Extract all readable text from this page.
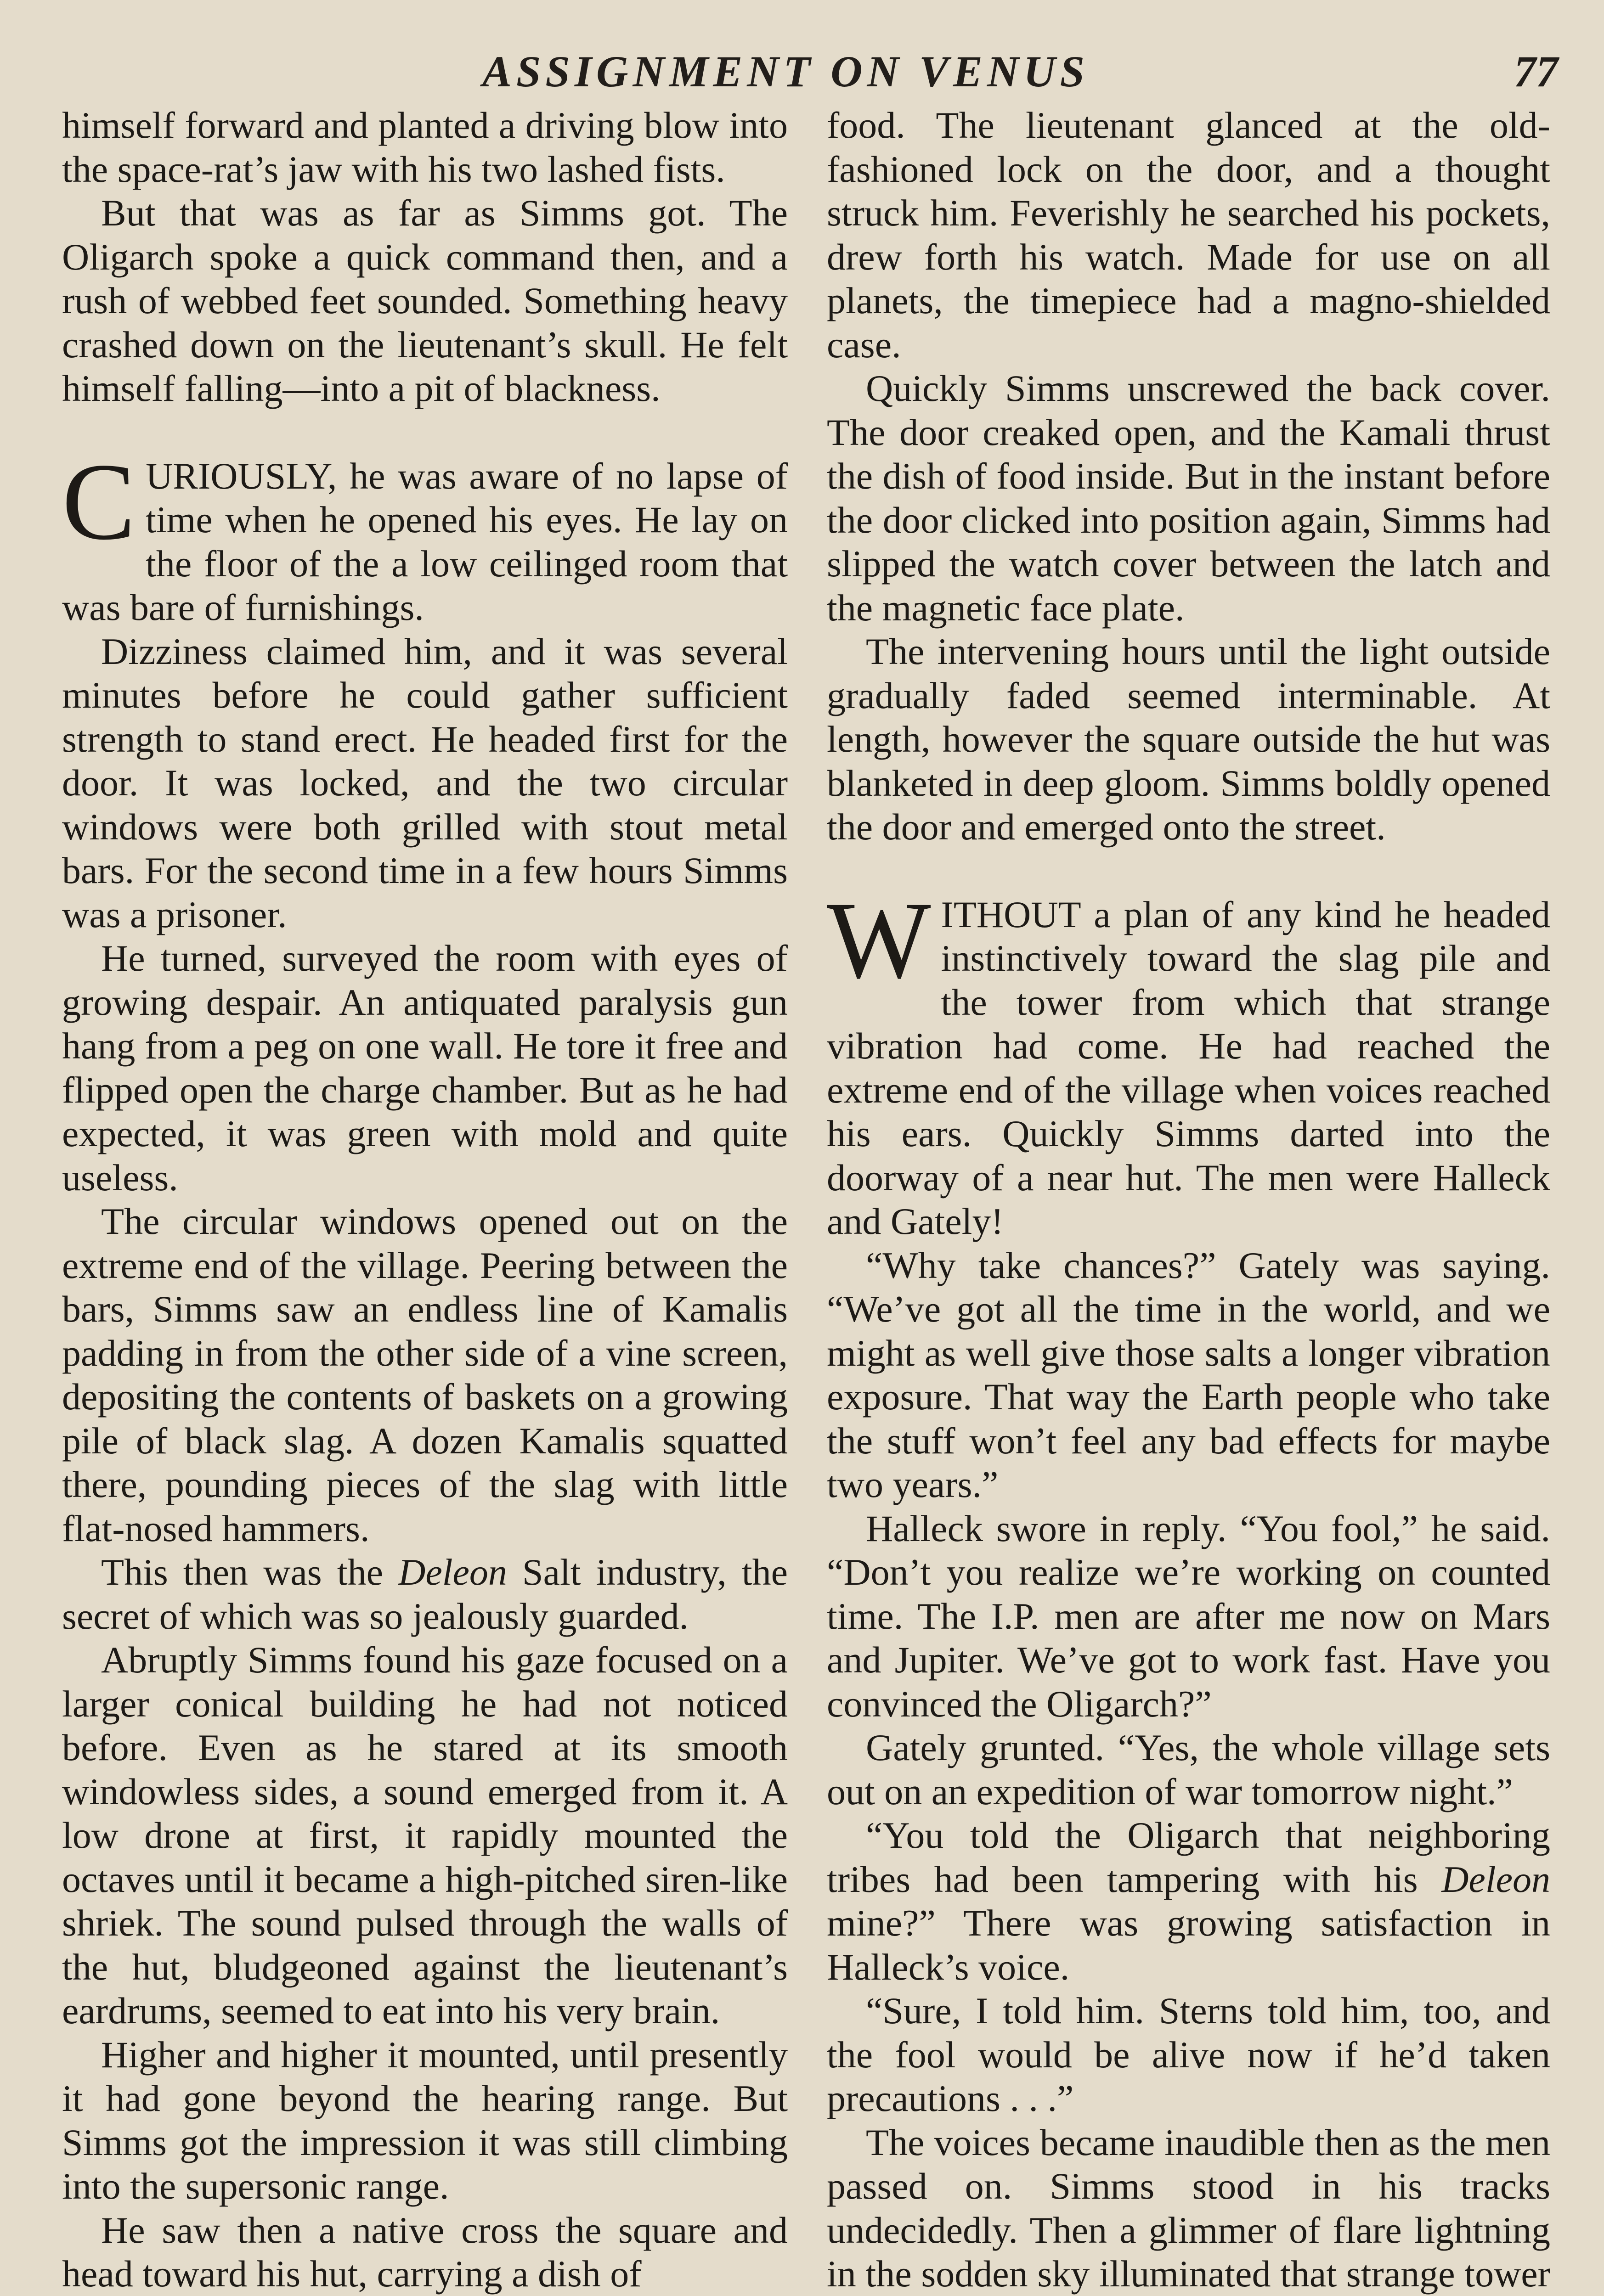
ASSIGNMENT ON VENUS	77

himself forward and planted a driving blow into the space-rat’s jaw with his two lashed fists.

But that was as far as Simms got. The Oligarch spoke a quick command then, and a rush of webbed feet sounded. Something heavy crashed down on the lieutenant’s skull. He felt himself falling—into a pit of blackness.

CURIOUSLY, he was aware of no lapse of time when he opened his eyes. He lay on the floor of the a low ceilinged room that was bare of furnishings.

Dizziness claimed him, and it was several minutes before he could gather sufficient strength to stand erect. He headed first for the door. It was locked, and the two circular windows were both grilled with stout metal bars. For the second time in a few hours Simms was a prisoner.

He turned, surveyed the room with eyes of growing despair. An antiquated paralysis gun hang from a peg on one wall. He tore it free and flipped open the charge chamber. But as he had expected, it was green with mold and quite useless.

The circular windows opened out on the extreme end of the village. Peering between the bars, Simms saw an endless line of Kamalis padding in from the other side of a vine screen, depositing the contents of baskets on a growing pile of black slag. A dozen Kamalis squatted there, pounding pieces of the slag with little flat-nosed hammers.

This then was the Deleon Salt industry, the secret of which was so jealously guarded.

Abruptly Simms found his gaze focused on a larger conical building he had not noticed before. Even as he stared at its smooth windowless sides, a sound emerged from it. A low drone at first, it rapidly mounted the octaves until it became a high-pitched siren-like shriek. The sound pulsed through the walls of the hut, bludgeoned against the lieutenant’s eardrums, seemed to eat into his very brain.

Higher and higher it mounted, until presently it had gone beyond the hearing range. But Simms got the impression it was still climbing into the supersonic range.

He saw then a native cross the square and head toward his hut, carrying a dish of

food. The lieutenant glanced at the old-fashioned lock on the door, and a thought struck him. Feverishly he searched his pockets, drew forth his watch. Made for use on all planets, the timepiece had a magno-shielded case.

Quickly Simms unscrewed the back cover. The door creaked open, and the Kamali thrust the dish of food inside. But in the instant before the door clicked into position again, Simms had slipped the watch cover between the latch and the magnetic face plate.

The intervening hours until the light outside gradually faded seemed interminable. At length, however the square outside the hut was blanketed in deep gloom. Simms boldly opened the door and emerged onto the street.

WITHOUT a plan of any kind he headed instinctively toward the slag pile and the tower from which that strange vibration had come. He had reached the extreme end of the village when voices reached his ears. Quickly Simms darted into the doorway of a near hut. The men were Halleck and Gately!

“Why take chances?” Gately was saying. “We’ve got all the time in the world, and we might as well give those salts a longer vibration exposure. That way the Earth people who take the stuff won’t feel any bad effects for maybe two years.”

Halleck swore in reply. “You fool,” he said. “Don’t you realize we’re working on counted time. The I.P. men are after me now on Mars and Jupiter. We’ve got to work fast. Have you convinced the Oligarch?”

Gately grunted. “Yes, the whole village sets out on an expedition of war tomorrow night.”

“You told the Oligarch that neighboring tribes had been tampering with his Deleon mine?” There was growing satisfaction in Halleck’s voice.

“Sure, I told him. Sterns told him, too, and the fool would be alive now if he’d taken precautions . . .”

The voices became inaudible then as the men passed on. Simms stood in his tracks undecidedly. Then a glimmer of flare lightning in the sodden sky illuminated that strange tower
